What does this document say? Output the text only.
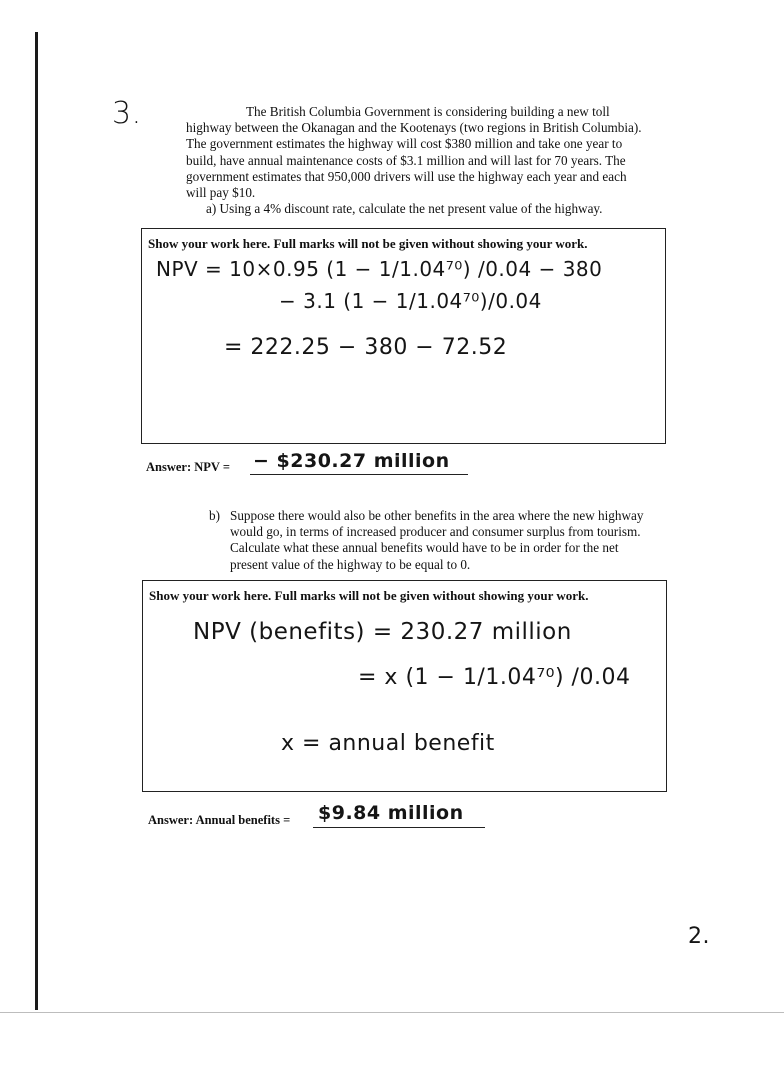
3.	The British Columbia Government is considering building a new toll highway between the Okanagan and the Kootenays (two regions in British Columbia). The government estimates the highway will cost $380 million and take one year to build, have annual maintenance costs of $3.1 million and will last for 70 years. The government estimates that 950,000 drivers will use the highway each year and each will pay $10.
a) Using a 4% discount rate, calculate the net present value of the highway.
Show your work here. Full marks will not be given without showing your work.
NPV = 10×0.95 (1 − 1/1.04⁷⁰) /0.04 − 380
− 3.1 (1 − 1/1.04⁷⁰)/0.04
= 222.25 − 380 − 72.52
Answer: NPV = − $230.27 million
b) Suppose there would also be other benefits in the area where the new highway would go, in terms of increased producer and consumer surplus from tourism. Calculate what these annual benefits would have to be in order for the net present value of the highway to be equal to 0.
Show your work here. Full marks will not be given without showing your work.
NPV (benefits) = 230.27 million
= x (1 − 1/1.04⁷⁰) /0.04
x = annual benefit
Answer: Annual benefits = $9.84 million
2.
